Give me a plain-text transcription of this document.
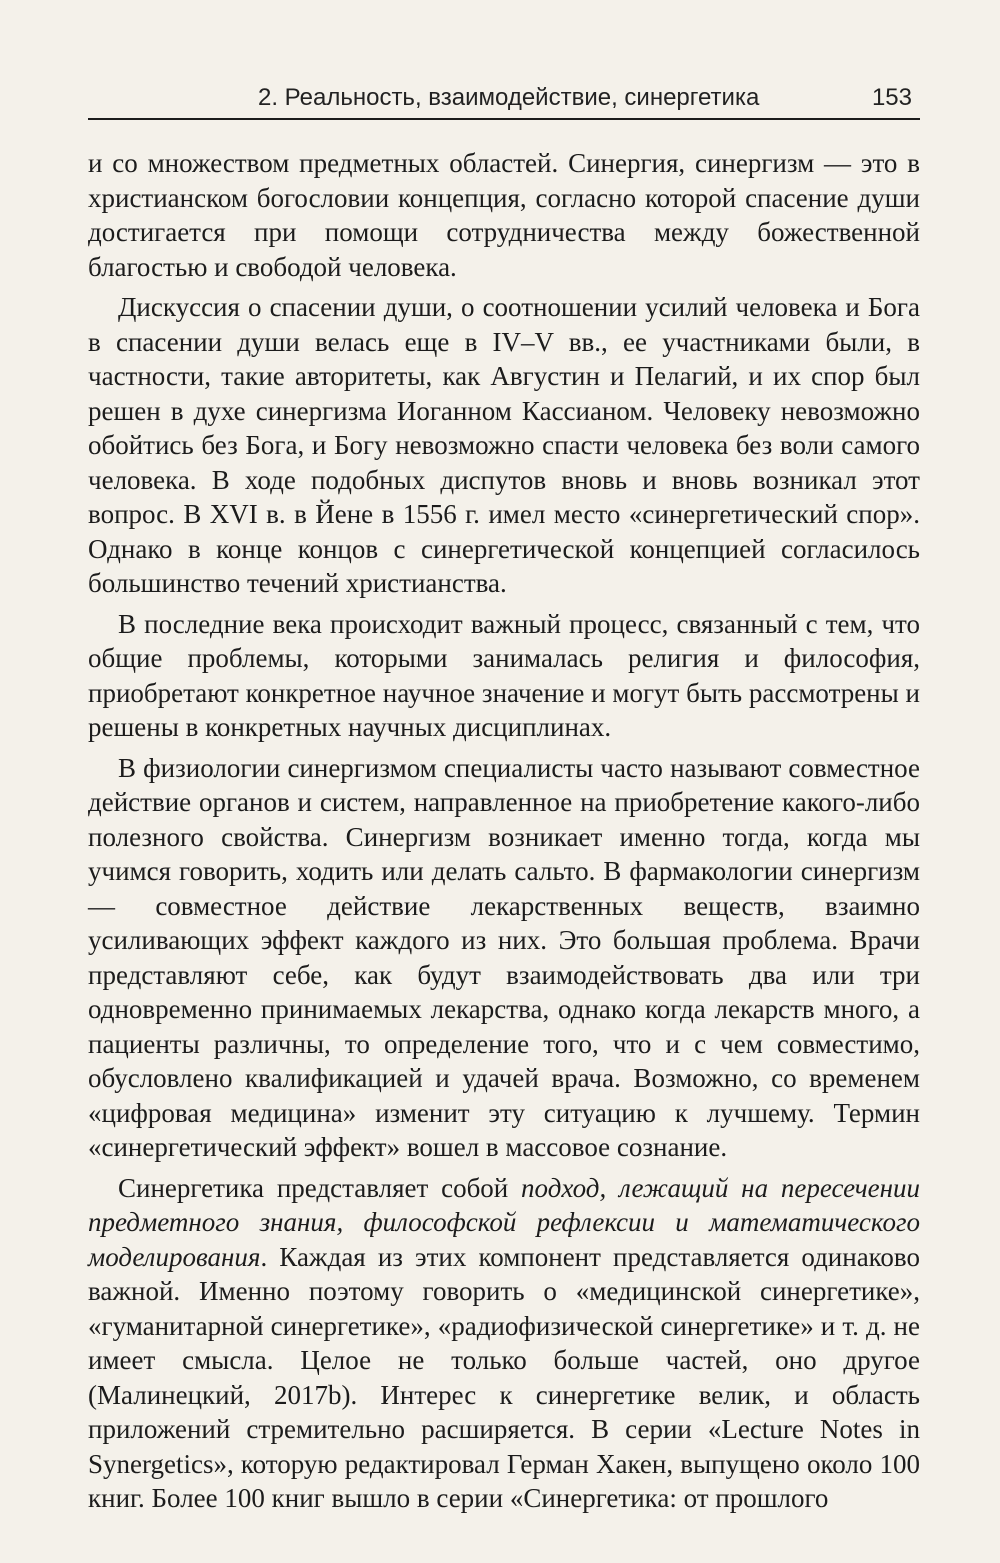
2. Реальность, взаимодействие, синергетика	153

и со множеством предметных областей. Синергия, синергизм — это в христианском богословии концепция, согласно которой спасение души достигается при помощи сотрудничества между божественной благостью и свободой человека.

Дискуссия о спасении души, о соотношении усилий человека и Бога в спасении души велась еще в IV–V вв., ее участниками были, в частности, такие авторитеты, как Августин и Пелагий, и их спор был решен в духе синергизма Иоганном Кассианом. Человеку невозможно обойтись без Бога, и Богу невозможно спасти человека без воли самого человека. В ходе подобных диспутов вновь и вновь возникал этот вопрос. В XVI в. в Йене в 1556 г. имел место «синергетический спор». Однако в конце концов с синергетической концепцией согласилось большинство течений христианства.

В последние века происходит важный процесс, связанный с тем, что общие проблемы, которыми занималась религия и философия, приобретают конкретное научное значение и могут быть рассмотрены и решены в конкретных научных дисциплинах.

В физиологии синергизмом специалисты часто называют совместное действие органов и систем, направленное на приобретение какого-либо полезного свойства. Синергизм возникает именно тогда, когда мы учимся говорить, ходить или делать сальто. В фармакологии синергизм — совместное действие лекарственных веществ, взаимно усиливающих эффект каждого из них. Это большая проблема. Врачи представляют себе, как будут взаимодействовать два или три одновременно принимаемых лекарства, однако когда лекарств много, а пациенты различны, то определение того, что и с чем совместимо, обусловлено квалификацией и удачей врача. Возможно, со временем «цифровая медицина» изменит эту ситуацию к лучшему. Термин «синергетический эффект» вошел в массовое сознание.

Синергетика представляет собой подход, лежащий на пересечении предметного знания, философской рефлексии и математического моделирования. Каждая из этих компонент представляется одинаково важной. Именно поэтому говорить о «медицинской синергетике», «гуманитарной синергетике», «радиофизической синергетике» и т. д. не имеет смысла. Целое не только больше частей, оно другое (Малинецкий, 2017b). Интерес к синергетике велик, и область приложений стремительно расширяется. В серии «Lecture Notes in Synergetics», которую редактировал Герман Хакен, выпущено около 100 книг. Более 100 книг вышло в серии «Синергетика: от прошлого
